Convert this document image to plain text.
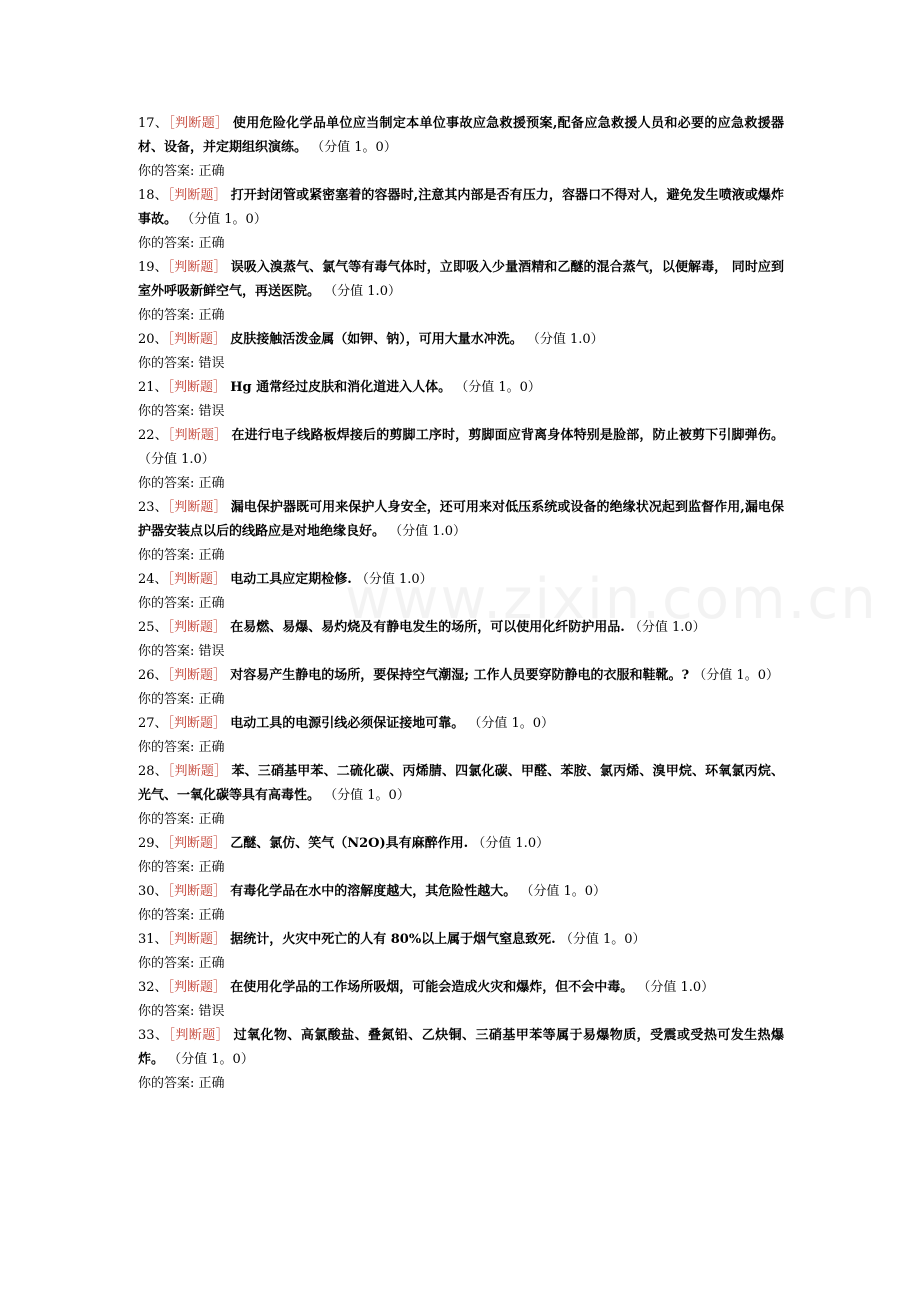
17、［判断题］ 使用危险化学品单位应当制定本单位事故应急救援预案,配备应急救援人员和必要的应急救援器材、设备，并定期组织演练。 （分值 1。0）
你的答案: 正确
18、［判断题］ 打开封闭管或紧密塞着的容器时,注意其内部是否有压力，容器口不得对人，避免发生喷液或爆炸事故。 （分值 1。0）
你的答案: 正确
19、［判断题］ 误吸入溴蒸气、氯气等有毒气体时，立即吸入少量酒精和乙醚的混合蒸气，以便解毒， 同时应到室外呼吸新鲜空气，再送医院。 （分值 1.0）
你的答案: 正确
20、［判断题］ 皮肤接触活泼金属（如钾、钠），可用大量水冲洗。 （分值 1.0）
你的答案: 错误
21、［判断题］ Hg 通常经过皮肤和消化道进入人体。 （分值 1。0）
你的答案: 错误
22、［判断题］ 在进行电子线路板焊接后的剪脚工序时，剪脚面应背离身体特别是脸部，防止被剪下引脚弹伤。 （分值 1.0）
你的答案: 正确
23、［判断题］ 漏电保护器既可用来保护人身安全，还可用来对低压系统或设备的绝缘状况起到监督作用,漏电保护器安装点以后的线路应是对地绝缘良好。 （分值 1.0）
你的答案: 正确
24、［判断题］ 电动工具应定期检修. （分值 1.0）
你的答案: 正确
25、［判断题］ 在易燃、易爆、易灼烧及有静电发生的场所，可以使用化纤防护用品. （分值 1.0）
你的答案: 错误
26、［判断题］ 对容易产生静电的场所，要保持空气潮湿; 工作人员要穿防静电的衣服和鞋靴。? （分值 1。0）
你的答案: 正确
27、［判断题］ 电动工具的电源引线必须保证接地可靠。 （分值 1。0）
你的答案: 正确
28、［判断题］ 苯、三硝基甲苯、二硫化碳、丙烯腈、四氯化碳、甲醛、苯胺、氯丙烯、溴甲烷、环氧氯丙烷、光气、一氧化碳等具有高毒性。 （分值 1。0）
你的答案: 正确
29、［判断题］ 乙醚、氯仿、笑气（N2O)具有麻醉作用. （分值 1.0）
你的答案: 正确
30、［判断题］ 有毒化学品在水中的溶解度越大，其危险性越大。 （分值 1。0）
你的答案: 正确
31、［判断题］ 据统计，火灾中死亡的人有 80%以上属于烟气窒息致死. （分值 1。0）
你的答案: 正确
32、［判断题］ 在使用化学品的工作场所吸烟，可能会造成火灾和爆炸，但不会中毒。 （分值 1.0）
你的答案: 错误
33、［判断题］ 过氧化物、高氯酸盐、叠氮铅、乙炔铜、三硝基甲苯等属于易爆物质，受震或受热可发生热爆炸。 （分值 1。0）
你的答案: 正确
